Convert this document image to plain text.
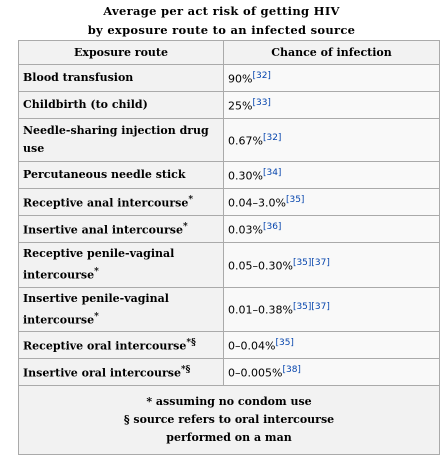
Average per act risk of getting HIV
by exposure route to an infected source
Exposure route	Chance of infection
Blood transfusion	90%[32]
Childbirth (to child)	25%[33]
Needle-sharing injection drug use	0.67%[32]
Percutaneous needle stick	0.30%[34]
Receptive anal intercourse*	0.04–3.0%[35]
Insertive anal intercourse*	0.03%[36]
Receptive penile-vaginal intercourse*	0.05–0.30%[35][37]
Insertive penile-vaginal intercourse*	0.01–0.38%[35][37]
Receptive oral intercourse*§	0–0.04%[35]
Insertive oral intercourse*§	0–0.005%[38]

* assuming no condom use
§ source refers to oral intercourse
performed on a man	
